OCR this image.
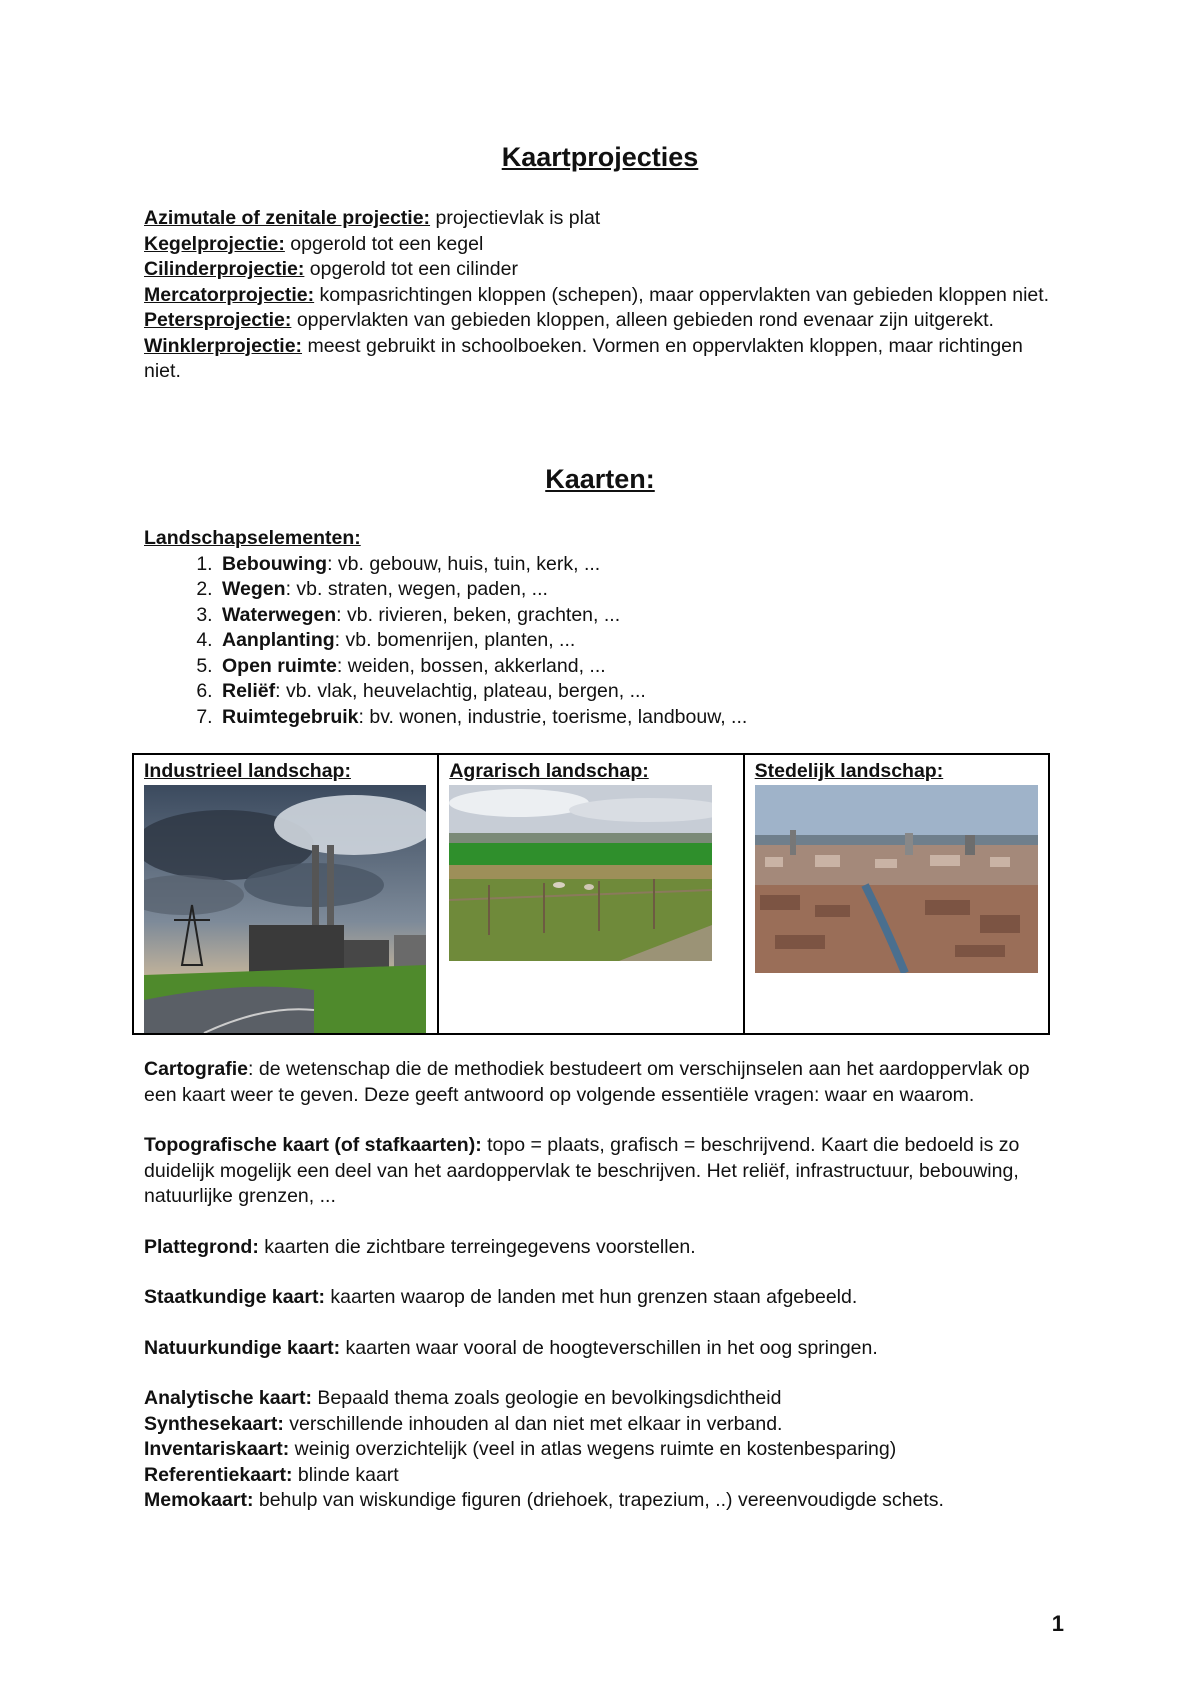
Kaartprojecties
Azimutale of zenitale projectie: projectievlak is plat
Kegelprojectie: opgerold tot een kegel
Cilinderprojectie: opgerold tot een cilinder
Mercatorprojectie: kompasrichtingen kloppen (schepen), maar oppervlakten van gebieden kloppen niet.
Petersprojectie: oppervlakten van gebieden kloppen, alleen gebieden rond evenaar zijn uitgerekt.
Winklerprojectie: meest gebruikt in schoolboeken. Vormen en oppervlakten kloppen, maar richtingen niet.
Kaarten:
Landschapselementen:
1. Bebouwing: vb. gebouw, huis, tuin, kerk, ...
2. Wegen: vb. straten, wegen, paden, ...
3. Waterwegen: vb. rivieren, beken, grachten, ...
4. Aanplanting: vb. bomenrijen, planten, ...
5. Open ruimte: weiden, bossen, akkerland, ...
6. Reliëf: vb. vlak, heuvelachtig, plateau, bergen, ...
7. Ruimtegebruik: bv. wonen, industrie, toerisme, landbouw, ...
Industrieel landschap:	Agrarisch landschap:	Stedelijk landschap:
Cartografie: de wetenschap die de methodiek bestudeert om verschijnselen aan het aardoppervlak op een kaart weer te geven. Deze geeft antwoord op volgende essentiële vragen: waar en waarom.
Topografische kaart (of stafkaarten): topo = plaats, grafisch = beschrijvend. Kaart die bedoeld is zo duidelijk mogelijk een deel van het aardoppervlak te beschrijven. Het reliëf, infrastructuur, bebouwing, natuurlijke grenzen, ...
Plattegrond: kaarten die zichtbare terreingegevens voorstellen.
Staatkundige kaart: kaarten waarop de landen met hun grenzen staan afgebeeld.
Natuurkundige kaart: kaarten waar vooral de hoogteverschillen in het oog springen.
Analytische kaart: Bepaald thema zoals geologie en bevolkingsdichtheid
Synthesekaart: verschillende inhouden al dan niet met elkaar in verband.
Inventariskaart: weinig overzichtelijk (veel in atlas wegens ruimte en kostenbesparing)
Referentiekaart: blinde kaart
Memokaart: behulp van wiskundige figuren (driehoek, trapezium, ..) vereenvoudigde schets.
1
